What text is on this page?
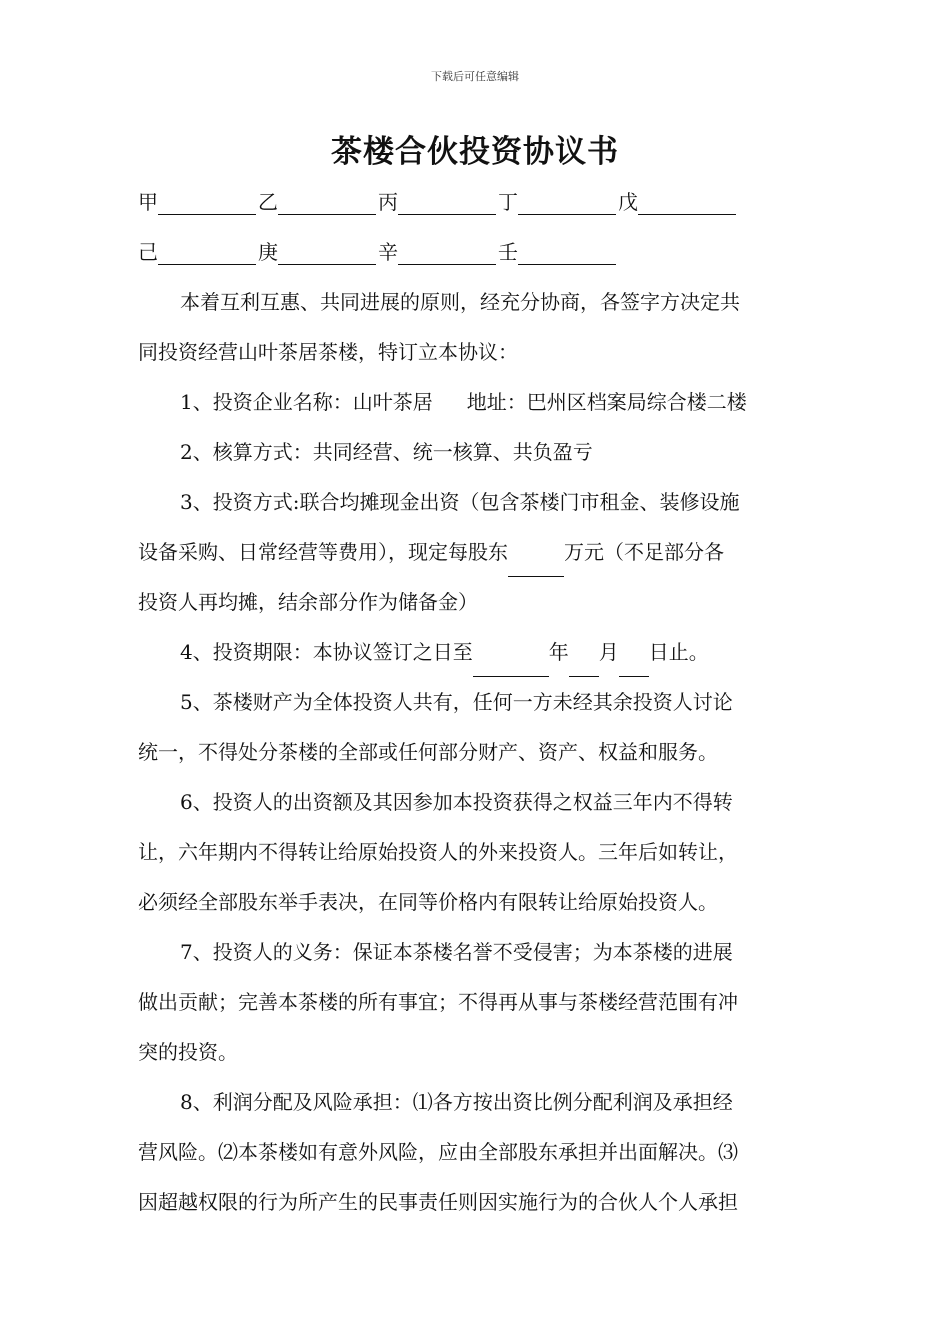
下载后可任意编辑
茶楼合伙投资协议书
甲	乙	丙	丁	戊
己	庚	辛	壬
本着互利互惠、共同进展的原则，经充分协商，各签字方决定共
同投资经营山叶茶居茶楼，特订立本协议：
1、投资企业名称：山叶茶居 地址：巴州区档案局综合楼二楼
2、核算方式：共同经营、统一核算、共负盈亏
3、投资方式:联合均摊现金出资（包含茶楼门市租金、装修设施
设备采购、日常经营等费用），现定每股东	万元（不足部分各
投资人再均摊，结余部分作为储备金）
4、投资期限：本协议签订之日至	年 月 日止。
5、茶楼财产为全体投资人共有，任何一方未经其余投资人讨论
统一，不得处分茶楼的全部或任何部分财产、资产、权益和服务。
6、投资人的出资额及其因参加本投资获得之权益三年内不得转
让，六年期内不得转让给原始投资人的外来投资人。三年后如转让，
必须经全部股东举手表决，在同等价格内有限转让给原始投资人。
7、投资人的义务：保证本茶楼名誉不受侵害；为本茶楼的进展
做出贡献；完善本茶楼的所有事宜；不得再从事与茶楼经营范围有冲
突的投资。
8、利润分配及风险承担：⑴各方按出资比例分配利润及承担经
营风险。⑵本茶楼如有意外风险，应由全部股东承担并出面解决。⑶
因超越权限的行为所产生的民事责任则因实施行为的合伙人个人承担
